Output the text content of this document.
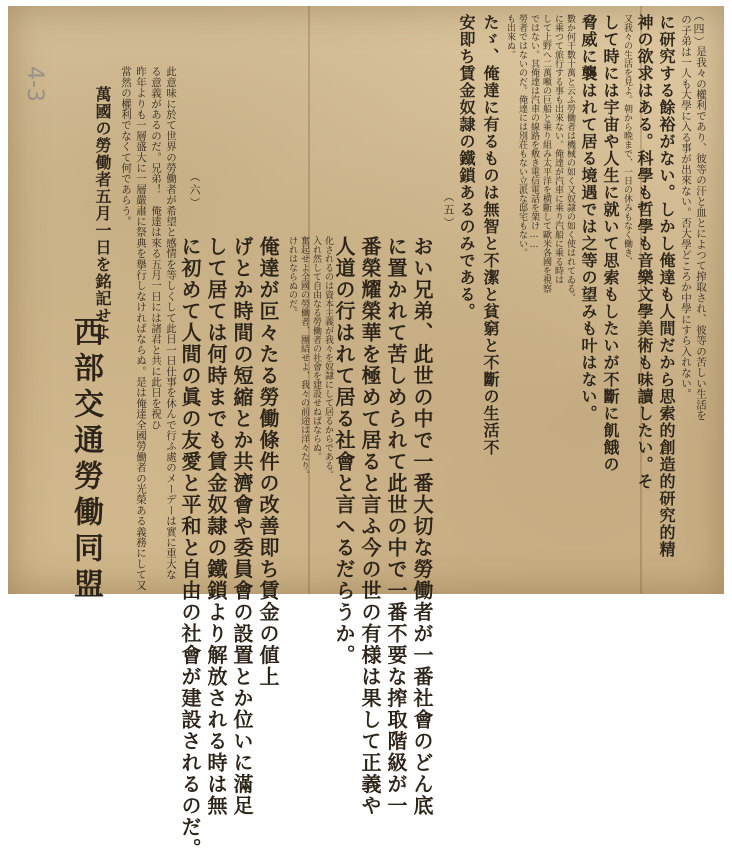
4-3
（四）
是我々の權利であり、彼等の汗と血とによつて搾取され、彼等の苦しい生活を
の子弟は一人も大學に入る事が出來ない。否大學どころか中學にすら入れない。
に研究する餘裕がない。しかし俺達も人間だから思索的創造的研究的精
神の欲求はある。科學も哲學も音樂文學美術も味讀したい。そ
又我々の生活を見よ。朝から晩まで、一日の休みもなく働き、
して時には宇宙や人生に就いて思索もしたいが不斷に飢餓の
脅威に襲はれて居る境遇では之等の望みも叶はない。
數か何干數十萬と云ふ勞働者は機械の如く又奴隷の如く使はれてゐる。
に乘つて旅行する事も出來ない。俺達が汽車に乘り汽船に乘る時は
して上野へ二萬噸の巨船と乘り組み太平洋を横斷して歐米各國を視察
ではない。其俺達は汽車の線路を敷き電信電話を架け……
勞者ではないのだ。俺達には別荘もない立派な邸宅もない。
も出來ぬ。
たゞ、俺達に有るものは無智と不潔と貧窮と不斷の生活不
安即ち賃金奴隷の鐵鎖あるのみである。
（五）
おい兄弟、此世の中で一番大切な勞働者が一番社會のどん底
に置かれて苦しめられて此世の中で一番不要な搾取階級が一
番榮耀榮華を極めて居ると言ふ今の世の有様は果して正義や
人道の行はれて居る社會と言へるだらうか。
化されるのは資本主義が我々を奴隷にして居るからである。
入れ然して自由なる勞働者の社會を建設せねばならぬ。
奮起せよ全國の勞働者、團結せよ、我々の前途は洋々たり。
けれはならぬのだ。
俺達が叵々たる勞働條件の改善即ち賃金の値上
げとか時間の短縮とか共濟會や委員會の設置とか位いに滿足
して居ては何時までも賃金奴隷の鐵鎖より解放される時は無
に初めて人間の眞の友愛と平和と自由の社會が建設されるのだ。
（六）
此意味に於て世界の勞働者が希望と感情を等しくして此日一日仕事を休んで行ふ處のメーデーは實に重大な
る意義があるのだ。兄弟！　俺達は來る五月一日には諸君と共に此日を祝ひ
昨年よりも一層盛大に一層嚴肅に祭典を擧行しなければならぬ。是は俺達全國勞働者の光榮ある義務にして又
當然の權利でなくて何であらう。
萬國の勞働者五月一日を銘記せよ
西部交通勞働同盟
